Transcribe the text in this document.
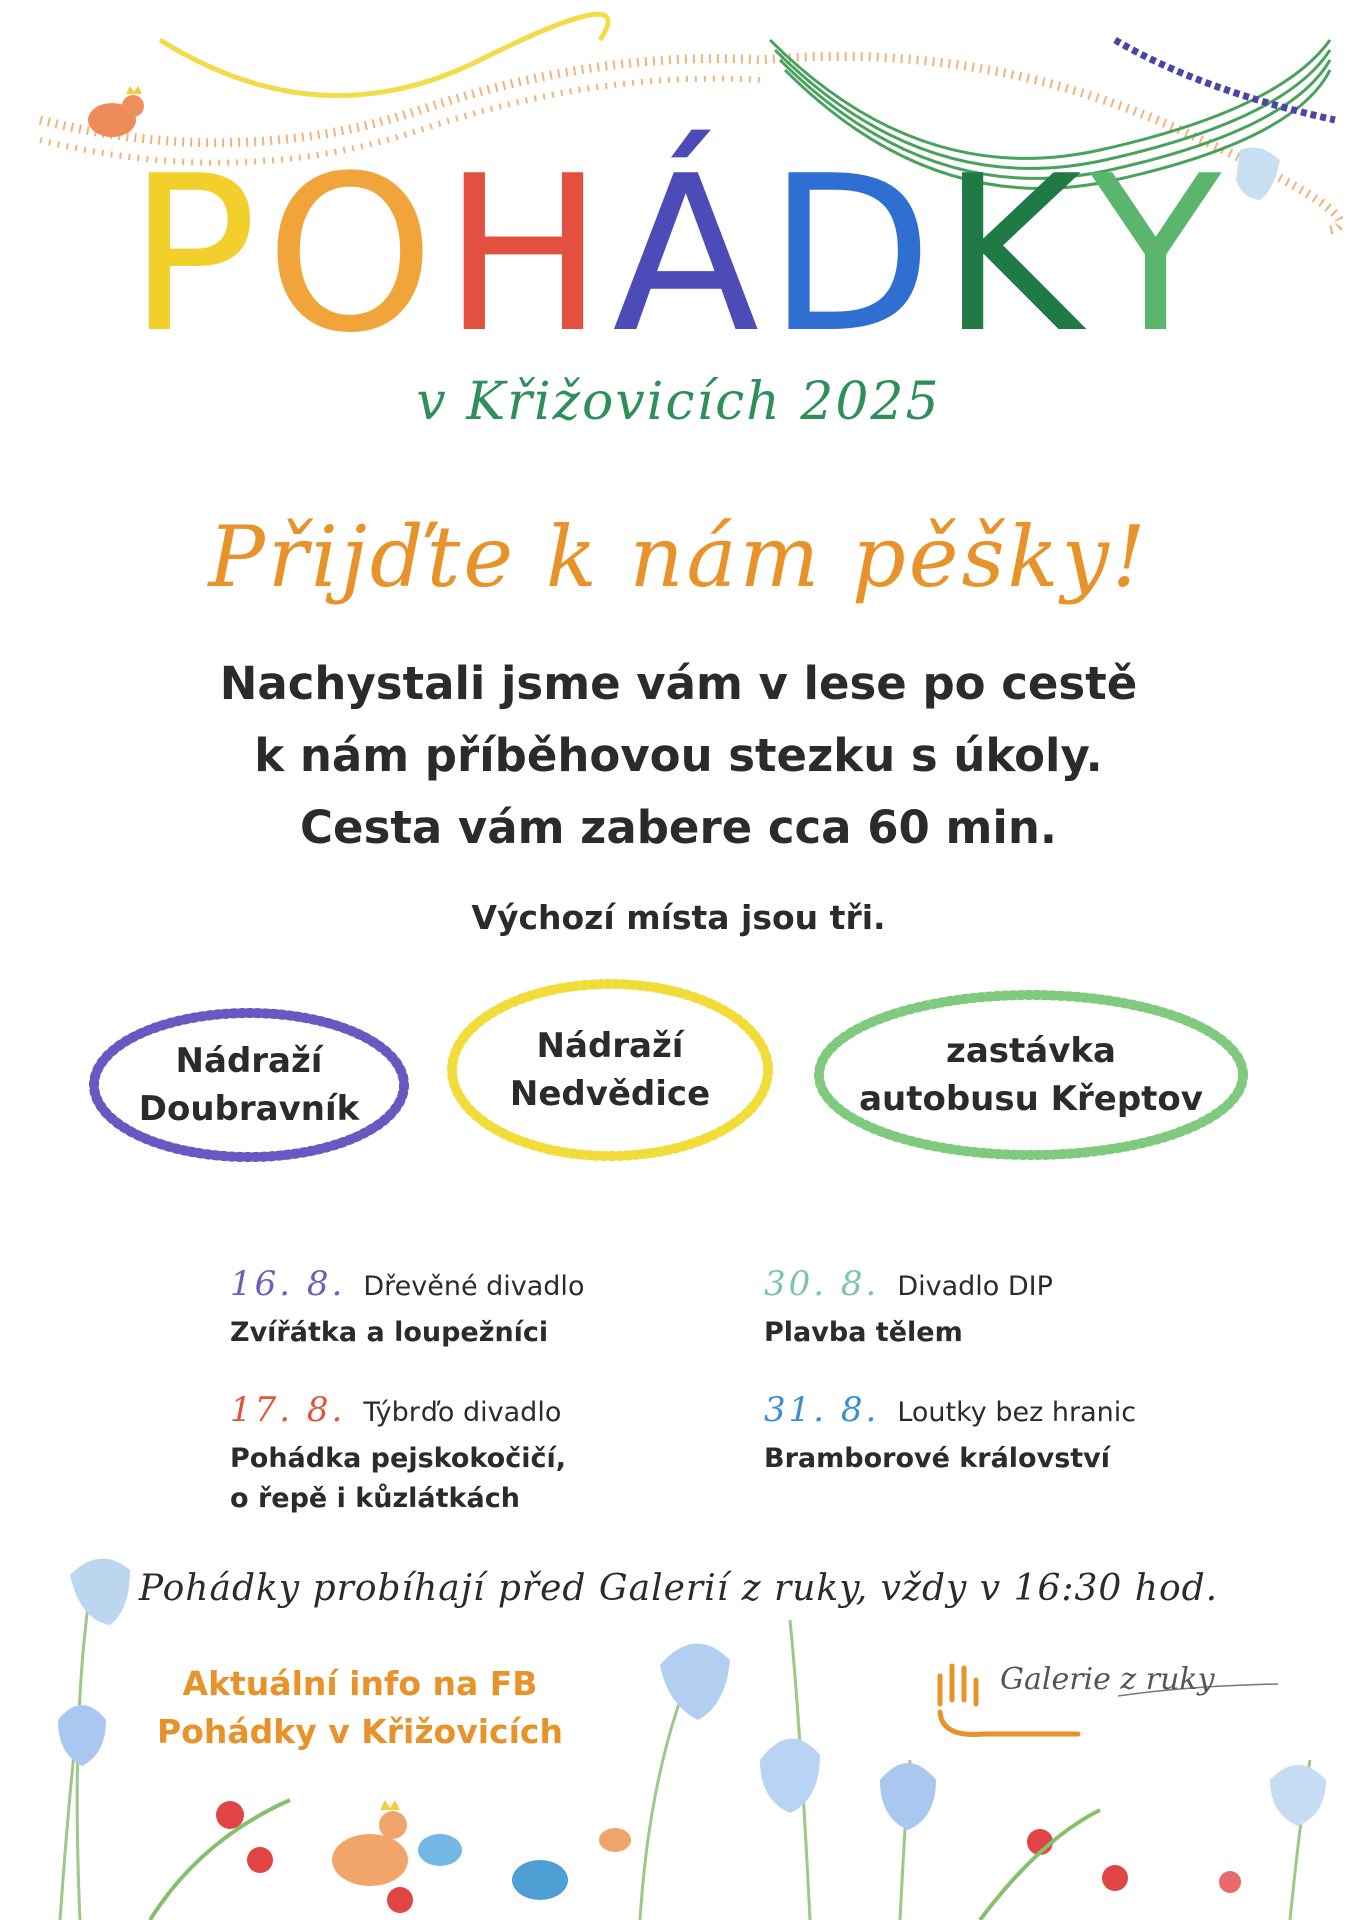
POHÁDKY
v Křižovicích 2025
Přijďte k nám pěšky!
Nachystali jsme vám v lese po cestě
k nám příběhovou stezku s úkoly.
Cesta vám zabere cca 60 min.
Výchozí místa jsou tři.
Nádraží
Doubravník
Nádraží
Nedvědice
zastávka
autobusu Křeptov
16. 8. Dřevěné divadlo
Zvířátka a loupežníci
17. 8. Týbrďo divadlo
Pohádka pejskokočičí,
o řepě i kůzlátkách
30. 8. Divadlo DIP
Plavba tělem
31. 8. Loutky bez hranic
Bramborové království
Pohádky probíhají před Galerií z ruky, vždy v 16:30 hod.
Aktuální info na FB
Pohádky v Křižovicích
Galerie z ruky
